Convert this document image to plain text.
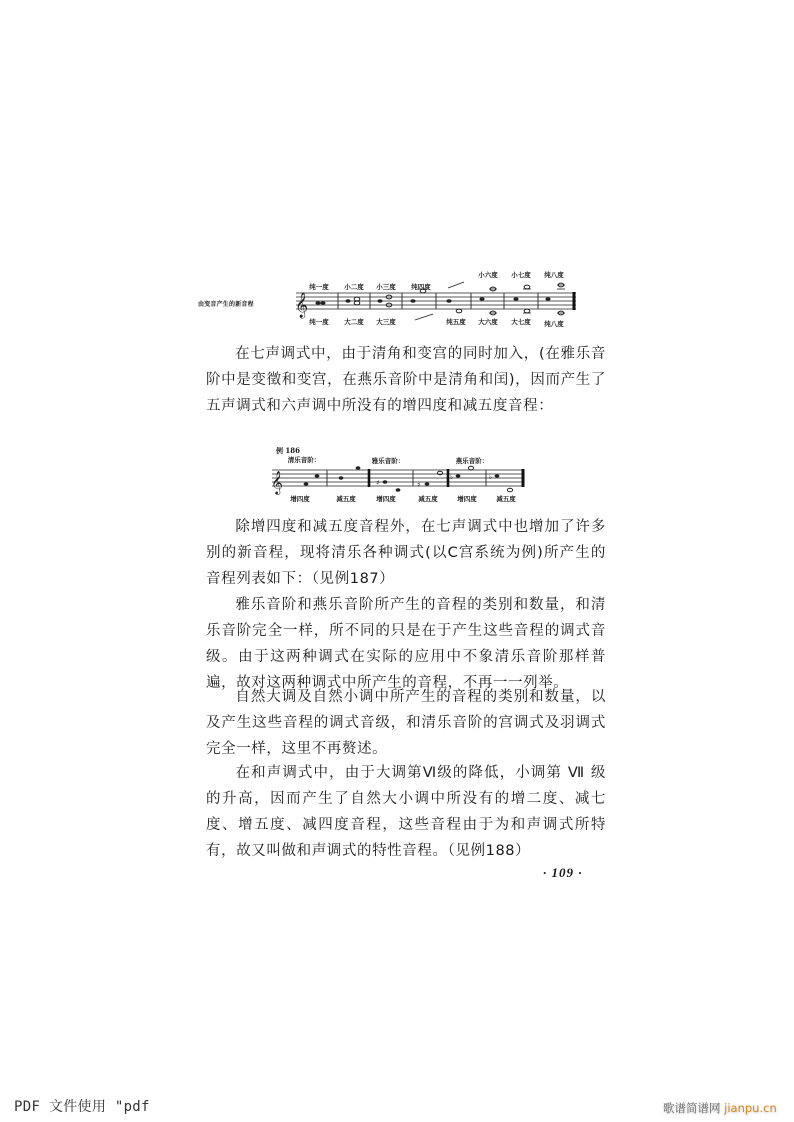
由变音产生的新音程 𝄞
纯一度 小二度 小三度 纯四度
小六度 小七度 纯八度
纯一度 大二度 大三度	纯五度 大六度 大七度 纯八度
在七声调式中，由于清角和变宫的同时加入，(在雅乐音阶中是变徵和变宫，在燕乐音阶中是清角和闰)，因而产生了五声调式和六声调中所没有的增四度和减五度音程：
例 186
清乐音阶：	雅乐音阶：	燕乐音阶：
𝄞	♯	♯
♭	♭
增四度	减五度	增四度	减五度	增四度	减五度
除增四度和减五度音程外，在七声调式中也增加了许多别的新音程，现将清乐各种调式(以C宫系统为例)所产生的音程列表如下：（见例187）
雅乐音阶和燕乐音阶所产生的音程的类别和数量，和清乐音阶完全一样，所不同的只是在于产生这些音程的调式音级。由于这两种调式在实际的应用中不象清乐音阶那样普遍，故对这两种调式中所产生的音程，不再一一列举。
自然大调及自然小调中所产生的音程的类别和数量，以及产生这些音程的调式音级，和清乐音阶的宫调式及羽调式完全一样，这里不再赘述。
在和声调式中，由于大调第Ⅵ级的降低，小调第 Ⅶ 级的升高，因而产生了自然大小调中所没有的增二度、减七度、增五度、减四度音程，这些音程由于为和声调式所特有，故又叫做和声调式的特性音程。（见例188）
· 109 ·
PDF 文件使用 "pdf	歌谱简谱网 jianpu.cn
